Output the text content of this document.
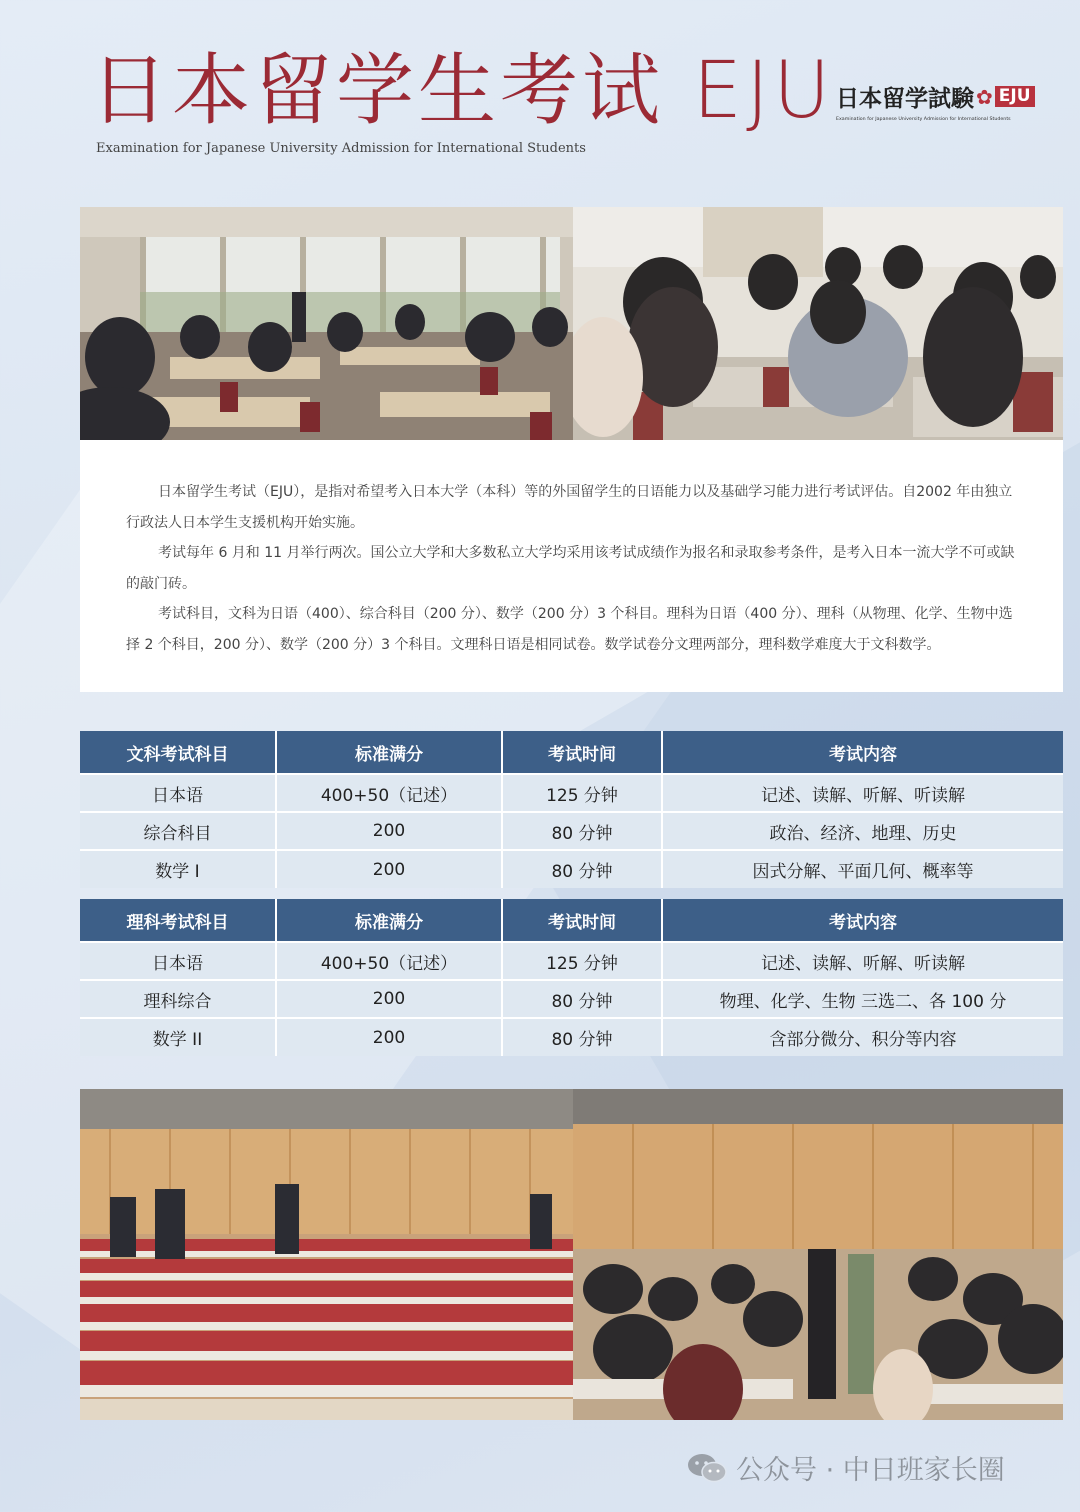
日本留学生考试 EJU
Examination for Japanese University Admission for International Students
日本留学試験 ✿ EJU
Examination for Japanese University Admission for International Students

日本留学生考试（EJU），是指对希望考入日本大学（本科）等的外国留学生的日语能力以及基础学习能力进行考试评估。自2002 年由独立行政法人日本学生支援机构开始实施。

考试每年 6 月和 11 月举行两次。国公立大学和大多数私立大学均采用该考试成绩作为报名和录取参考条件，是考入日本一流大学不可或缺的敲门砖。

考试科目，文科为日语（400）、综合科目（200 分）、数学（200 分）3 个科目。理科为日语（400 分）、理科（从物理、化学、生物中选择 2 个科目，200 分）、数学（200 分）3 个科目。文理科日语是相同试卷。数学试卷分文理两部分，理科数学难度大于文科数学。

文科考试科目	标准满分	考试时间	考试内容
日本语	400+50（记述）	125 分钟	记述、读解、听解、听读解
综合科目	200	80 分钟	政治、经济、地理、历史
数学 I	200	80 分钟	因式分解、平面几何、概率等
理科考试科目	标准满分	考试时间	考试内容
日本语	400+50（记述）	125 分钟	记述、读解、听解、听读解
理科综合	200	80 分钟	物理、化学、生物 三选二、各 100 分
数学 II	200	80 分钟	含部分微分、积分等内容
公众号 · 中日班家长圈
